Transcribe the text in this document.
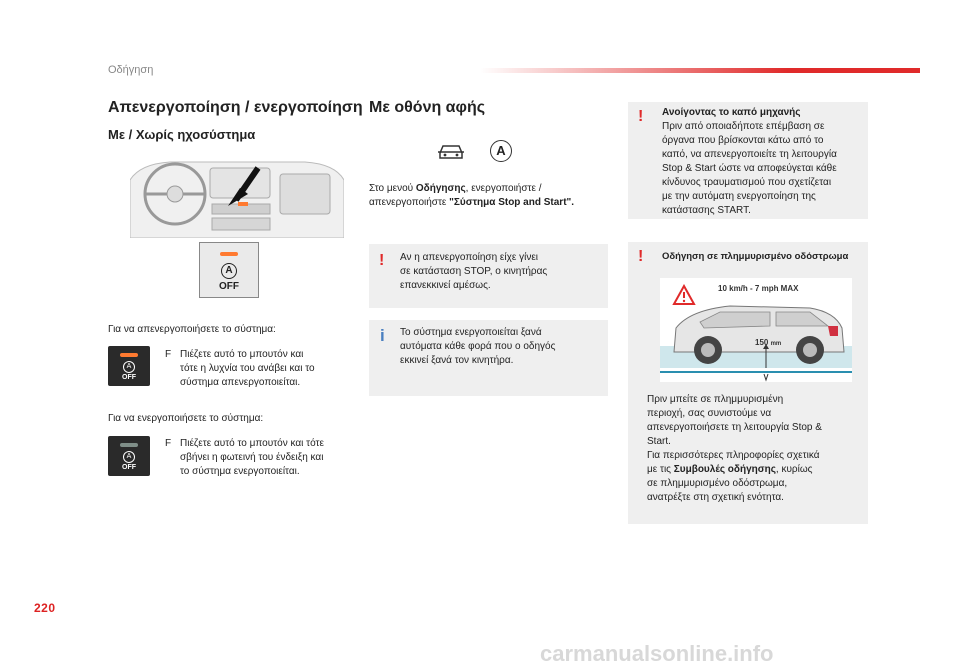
Οδήγηση
Απενεργοποίηση / ενεργοποίηση
Με / Χωρίς ηχοσύστημα
A
OFF
Για να απενεργοποιήσετε το σύστημα:
A
OFF
F Πιέζετε αυτό το μπουτόν και
τότε η λυχνία του ανάβει και το
σύστημα απενεργοποιείται.
Για να ενεργοποιήσετε το σύστημα:
A
OFF
F Πιέζετε αυτό το μπουτόν και τότε
σβήνει η φωτεινή του ένδειξη και
το σύστημα ενεργοποιείται.
Με οθόνη αφής
A
Στο μενού Οδήγησης, ενεργοποιήστε /
απενεργοποιήστε "Σύστημα Stop and Start".
! Αν η απενεργοποίηση είχε γίνει
σε κατάσταση STOP, ο κινητήρας
επανεκκινεί αμέσως.
i Το σύστημα ενεργοποιείται ξανά
αυτόματα κάθε φορά που ο οδηγός
εκκινεί ξανά τον κινητήρα.
! Ανοίγοντας το καπό μηχανής
Πριν από οποιαδήποτε επέμβαση σε
όργανα που βρίσκονται κάτω από το
καπό, να απενεργοποιείτε τη λειτουργία
Stop & Start ώστε να αποφεύγεται κάθε
κίνδυνος τραυματισμού που σχετίζεται
με την αυτόματη ενεργοποίηση της
κατάστασης START.
! Οδήγηση σε πλημμυρισμένο οδόστρωμα
10 km/h - 7 mph MAX
150 mm
Πριν μπείτε σε πλημμυρισμένη
περιοχή, σας συνιστούμε να
απενεργοποιήσετε τη λειτουργία Stop &
Start.
Για περισσότερες πληροφορίες σχετικά
με τις Συμβουλές οδήγησης, κυρίως
σε πλημμυρισμένο οδόστρωμα,
ανατρέξτε στη σχετική ενότητα.
220
carmanualsonline.info
